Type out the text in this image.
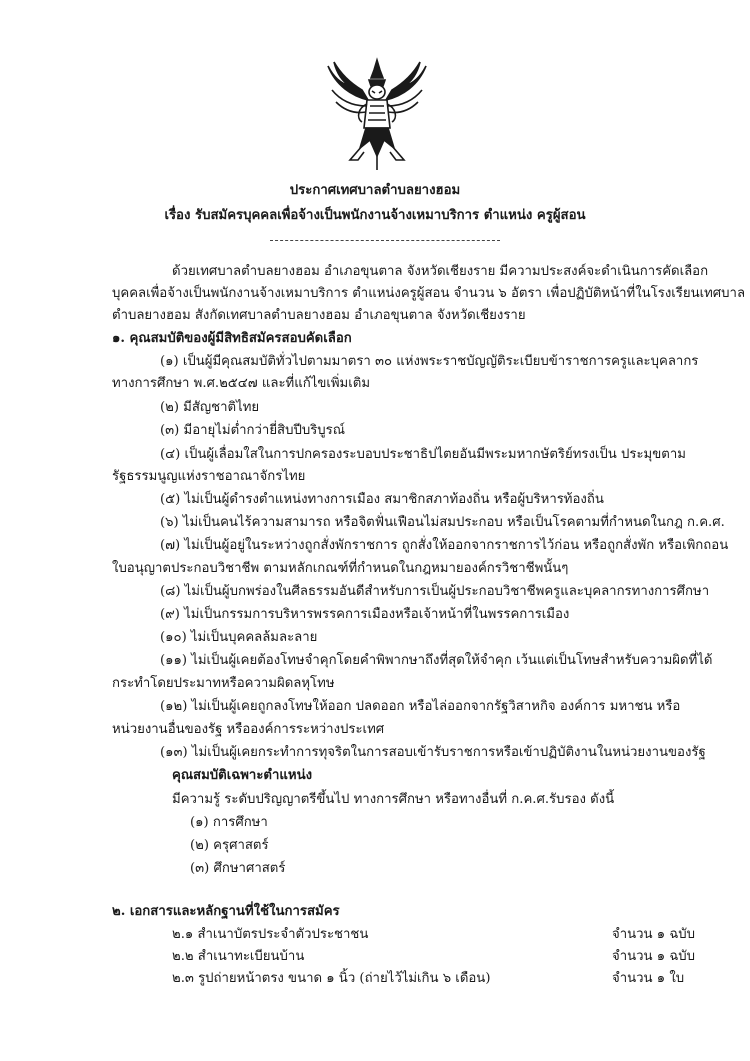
ประกาศเทศบาลตำบลยางฮอม
เรื่อง รับสมัครบุคคลเพื่อจ้างเป็นพนักงานจ้างเหมาบริการ ตำแหน่ง ครูผู้สอน
ด้วยเทศบาลตำบลยางฮอม อำเภอขุนตาล จังหวัดเชียงราย มีความประสงค์จะดำเนินการคัดเลือก
บุคคลเพื่อจ้างเป็นพนักงานจ้างเหมาบริการ ตำแหน่งครูผู้สอน จำนวน ๖ อัตรา เพื่อปฏิบัติหน้าที่ในโรงเรียนเทศบาล
ตำบลยางฮอม สังกัดเทศบาลตำบลยางฮอม อำเภอขุนตาล จังหวัดเชียงราย
๑. คุณสมบัติของผู้มีสิทธิสมัครสอบคัดเลือก
(๑) เป็นผู้มีคุณสมบัติทั่วไปตามมาตรา ๓๐ แห่งพระราชบัญญัติระเบียบข้าราชการครูและบุคลากร
ทางการศึกษา พ.ศ.๒๕๔๗ และที่แก้ไขเพิ่มเติม
(๒) มีสัญชาติไทย
(๓) มีอายุไม่ต่ำกว่ายี่สิบปีบริบูรณ์
(๔) เป็นผู้เลื่อมใสในการปกครองระบอบประชาธิปไตยอันมีพระมหากษัตริย์ทรงเป็น ประมุขตาม
รัฐธรรมนูญแห่งราชอาณาจักรไทย
(๕) ไม่เป็นผู้ดำรงตำแหน่งทางการเมือง สมาชิกสภาท้องถิ่น หรือผู้บริหารท้องถิ่น
(๖) ไม่เป็นคนไร้ความสามารถ หรือจิตฟั่นเฟือนไม่สมประกอบ หรือเป็นโรคตามที่กำหนดในกฎ ก.ค.ศ.
(๗) ไม่เป็นผู้อยู่ในระหว่างถูกสั่งพักราชการ ถูกสั่งให้ออกจากราชการไว้ก่อน หรือถูกสั่งพัก หรือเพิกถอน
ใบอนุญาตประกอบวิชาชีพ ตามหลักเกณฑ์ที่กำหนดในกฎหมายองค์กรวิชาชีพนั้นๆ
(๘) ไม่เป็นผู้บกพร่องในศีลธรรมอันดีสำหรับการเป็นผู้ประกอบวิชาชีพครูและบุคลากรทางการศึกษา
(๙) ไม่เป็นกรรมการบริหารพรรคการเมืองหรือเจ้าหน้าที่ในพรรคการเมือง
(๑๐) ไม่เป็นบุคคลล้มละลาย
(๑๑) ไม่เป็นผู้เคยต้องโทษจำคุกโดยคำพิพากษาถึงที่สุดให้จำคุก เว้นแต่เป็นโทษสำหรับความผิดที่ได้
กระทำโดยประมาทหรือความผิดลหุโทษ
(๑๒) ไม่เป็นผู้เคยถูกลงโทษให้ออก ปลดออก หรือไล่ออกจากรัฐวิสาหกิจ องค์การ มหาชน หรือ
หน่วยงานอื่นของรัฐ หรือองค์การระหว่างประเทศ
(๑๓) ไม่เป็นผู้เคยกระทำการทุจริตในการสอบเข้ารับราชการหรือเข้าปฏิบัติงานในหน่วยงานของรัฐ
คุณสมบัติเฉพาะตำแหน่ง
มีความรู้ ระดับปริญญาตรีขึ้นไป ทางการศึกษา หรือทางอื่นที่ ก.ค.ศ.รับรอง ดังนี้
(๑) การศึกษา
(๒) ครุศาสตร์
(๓) ศึกษาศาสตร์
๒. เอกสารและหลักฐานที่ใช้ในการสมัคร
๒.๑ สำเนาบัตรประจำตัวประชาชน	จำนวน ๑ ฉบับ
๒.๒ สำเนาทะเบียนบ้าน	จำนวน ๑ ฉบับ
๒.๓ รูปถ่ายหน้าตรง ขนาด ๑ นิ้ว (ถ่ายไว้ไม่เกิน ๖ เดือน)	จำนวน ๑ ใบ
